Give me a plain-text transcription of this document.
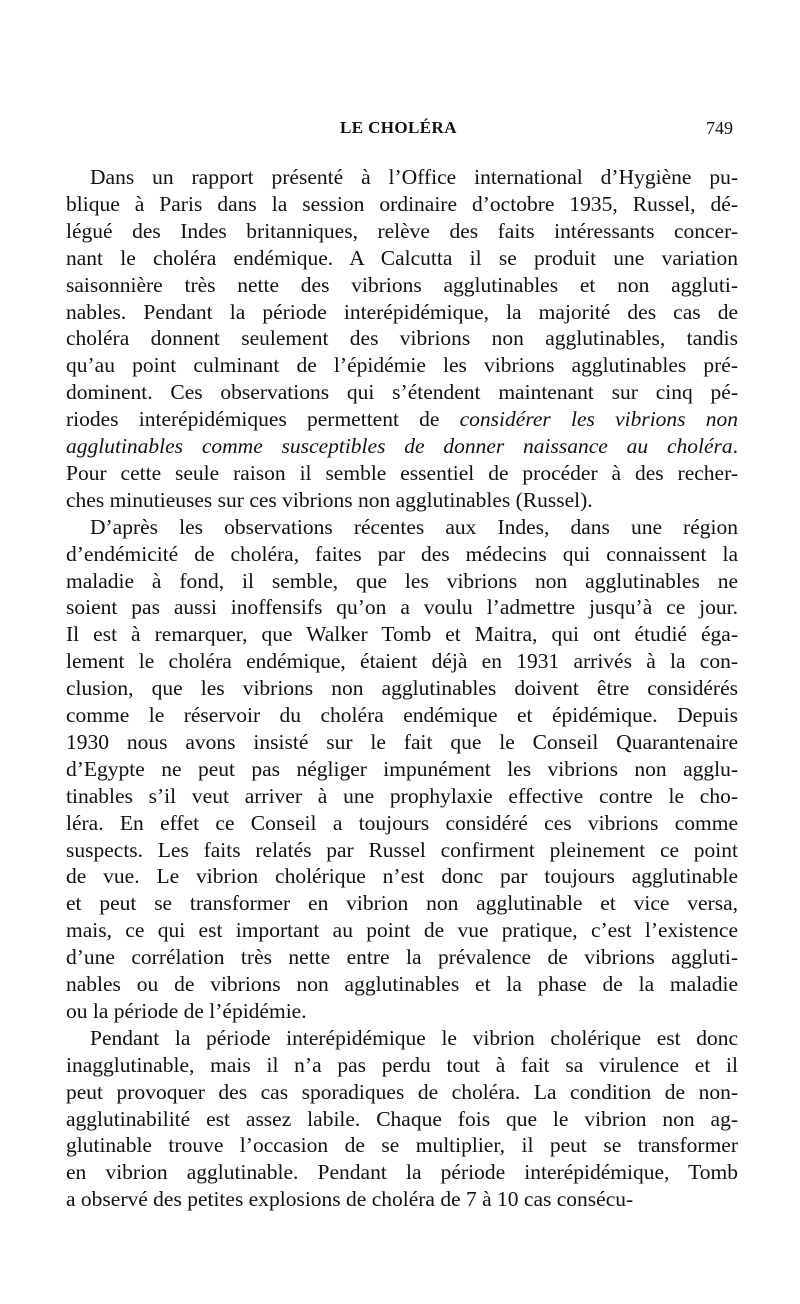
LE CHOLÉRA	749
Dans un rapport présenté à l’Office international d’Hygiène pu-
blique à Paris dans la session ordinaire d’octobre 1935, Russel, dé-
légué des Indes britanniques, relève des faits intéressants concer-
nant le choléra endémique. A Calcutta il se produit une variation
saisonnière très nette des vibrions agglutinables et non aggluti-
nables. Pendant la période interépidémique, la majorité des cas de
choléra donnent seulement des vibrions non agglutinables, tandis
qu’au point culminant de l’épidémie les vibrions agglutinables pré-
dominent. Ces observations qui s’étendent maintenant sur cinq pé-
riodes interépidémiques permettent de considérer les vibrions non
agglutinables comme susceptibles de donner naissance au choléra.
Pour cette seule raison il semble essentiel de procéder à des recher-
ches minutieuses sur ces vibrions non agglutinables (Russel).
D’après les observations récentes aux Indes, dans une région
d’endémicité de choléra, faites par des médecins qui connaissent la
maladie à fond, il semble, que les vibrions non agglutinables ne
soient pas aussi inoffensifs qu’on a voulu l’admettre jusqu’à ce jour.
Il est à remarquer, que Walker Tomb et Maitra, qui ont étudié éga-
lement le choléra endémique, étaient déjà en 1931 arrivés à la con-
clusion, que les vibrions non agglutinables doivent être considérés
comme le réservoir du choléra endémique et épidémique. Depuis
1930 nous avons insisté sur le fait que le Conseil Quarantenaire
d’Egypte ne peut pas négliger impunément les vibrions non agglu-
tinables s’il veut arriver à une prophylaxie effective contre le cho-
léra. En effet ce Conseil a toujours considéré ces vibrions comme
suspects. Les faits relatés par Russel confirment pleinement ce point
de vue. Le vibrion cholérique n’est donc par toujours agglutinable
et peut se transformer en vibrion non agglutinable et vice versa,
mais, ce qui est important au point de vue pratique, c’est l’existence
d’une corrélation très nette entre la prévalence de vibrions aggluti-
nables ou de vibrions non agglutinables et la phase de la maladie
ou la période de l’épidémie.
Pendant la période interépidémique le vibrion cholérique est donc
inagglutinable, mais il n’a pas perdu tout à fait sa virulence et il
peut provoquer des cas sporadiques de choléra. La condition de non-
agglutinabilité est assez labile. Chaque fois que le vibrion non ag-
glutinable trouve l’occasion de se multiplier, il peut se transformer
en vibrion agglutinable. Pendant la période interépidémique, Tomb
a observé des petites explosions de choléra de 7 à 10 cas consécu-
